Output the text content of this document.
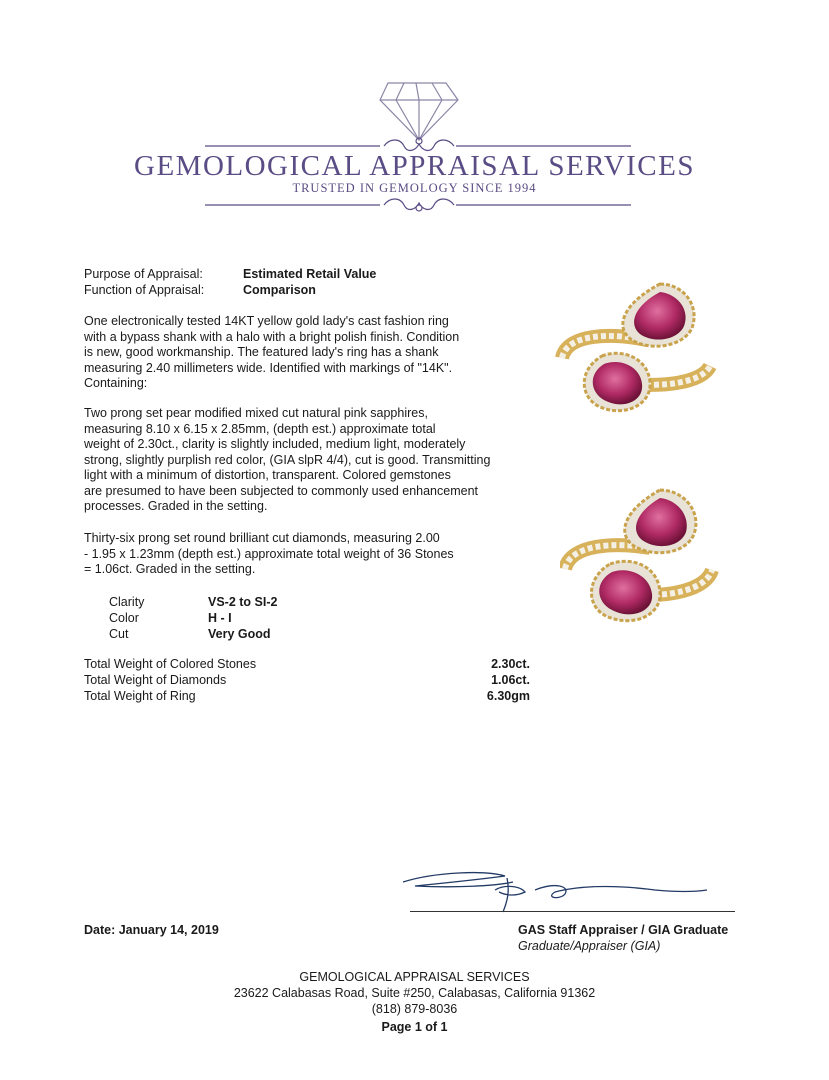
GEMOLOGICAL APPRAISAL SERVICES
TRUSTED IN GEMOLOGY SINCE 1994
Purpose of Appraisal:	Estimated Retail Value
Function of Appraisal:	Comparison
One electronically tested 14KT yellow gold lady's cast fashion ring
with a bypass shank with a halo with a bright polish finish. Condition
is new, good workmanship. The featured lady's ring has a shank
measuring 2.40 millimeters wide. Identified with markings of "14K".
Containing:
Two prong set pear modified mixed cut natural pink sapphires,
measuring 8.10 x 6.15 x 2.85mm, (depth est.) approximate total
weight of 2.30ct., clarity is slightly included, medium light, moderately
strong, slightly purplish red color, (GIA slpR 4/4), cut is good. Transmitting
light with a minimum of distortion, transparent. Colored gemstones
are presumed to have been subjected to commonly used enhancement
processes. Graded in the setting.
Thirty-six prong set round brilliant cut diamonds, measuring 2.00
- 1.95 x 1.23mm (depth est.) approximate total weight of 36 Stones
= 1.06ct. Graded in the setting.
Clarity	VS-2 to SI-2
Color	H - I
Cut	Very Good
Total Weight of Colored Stones	2.30ct.
Total Weight of Diamonds	1.06ct.
Total Weight of Ring	6.30gm
Date: January 14, 2019	GAS Staff Appraiser / GIA Graduate
Graduate/Appraiser (GIA)
GEMOLOGICAL APPRAISAL SERVICES
23622 Calabasas Road, Suite #250, Calabasas, California 91362
(818) 879-8036
Page 1 of 1
